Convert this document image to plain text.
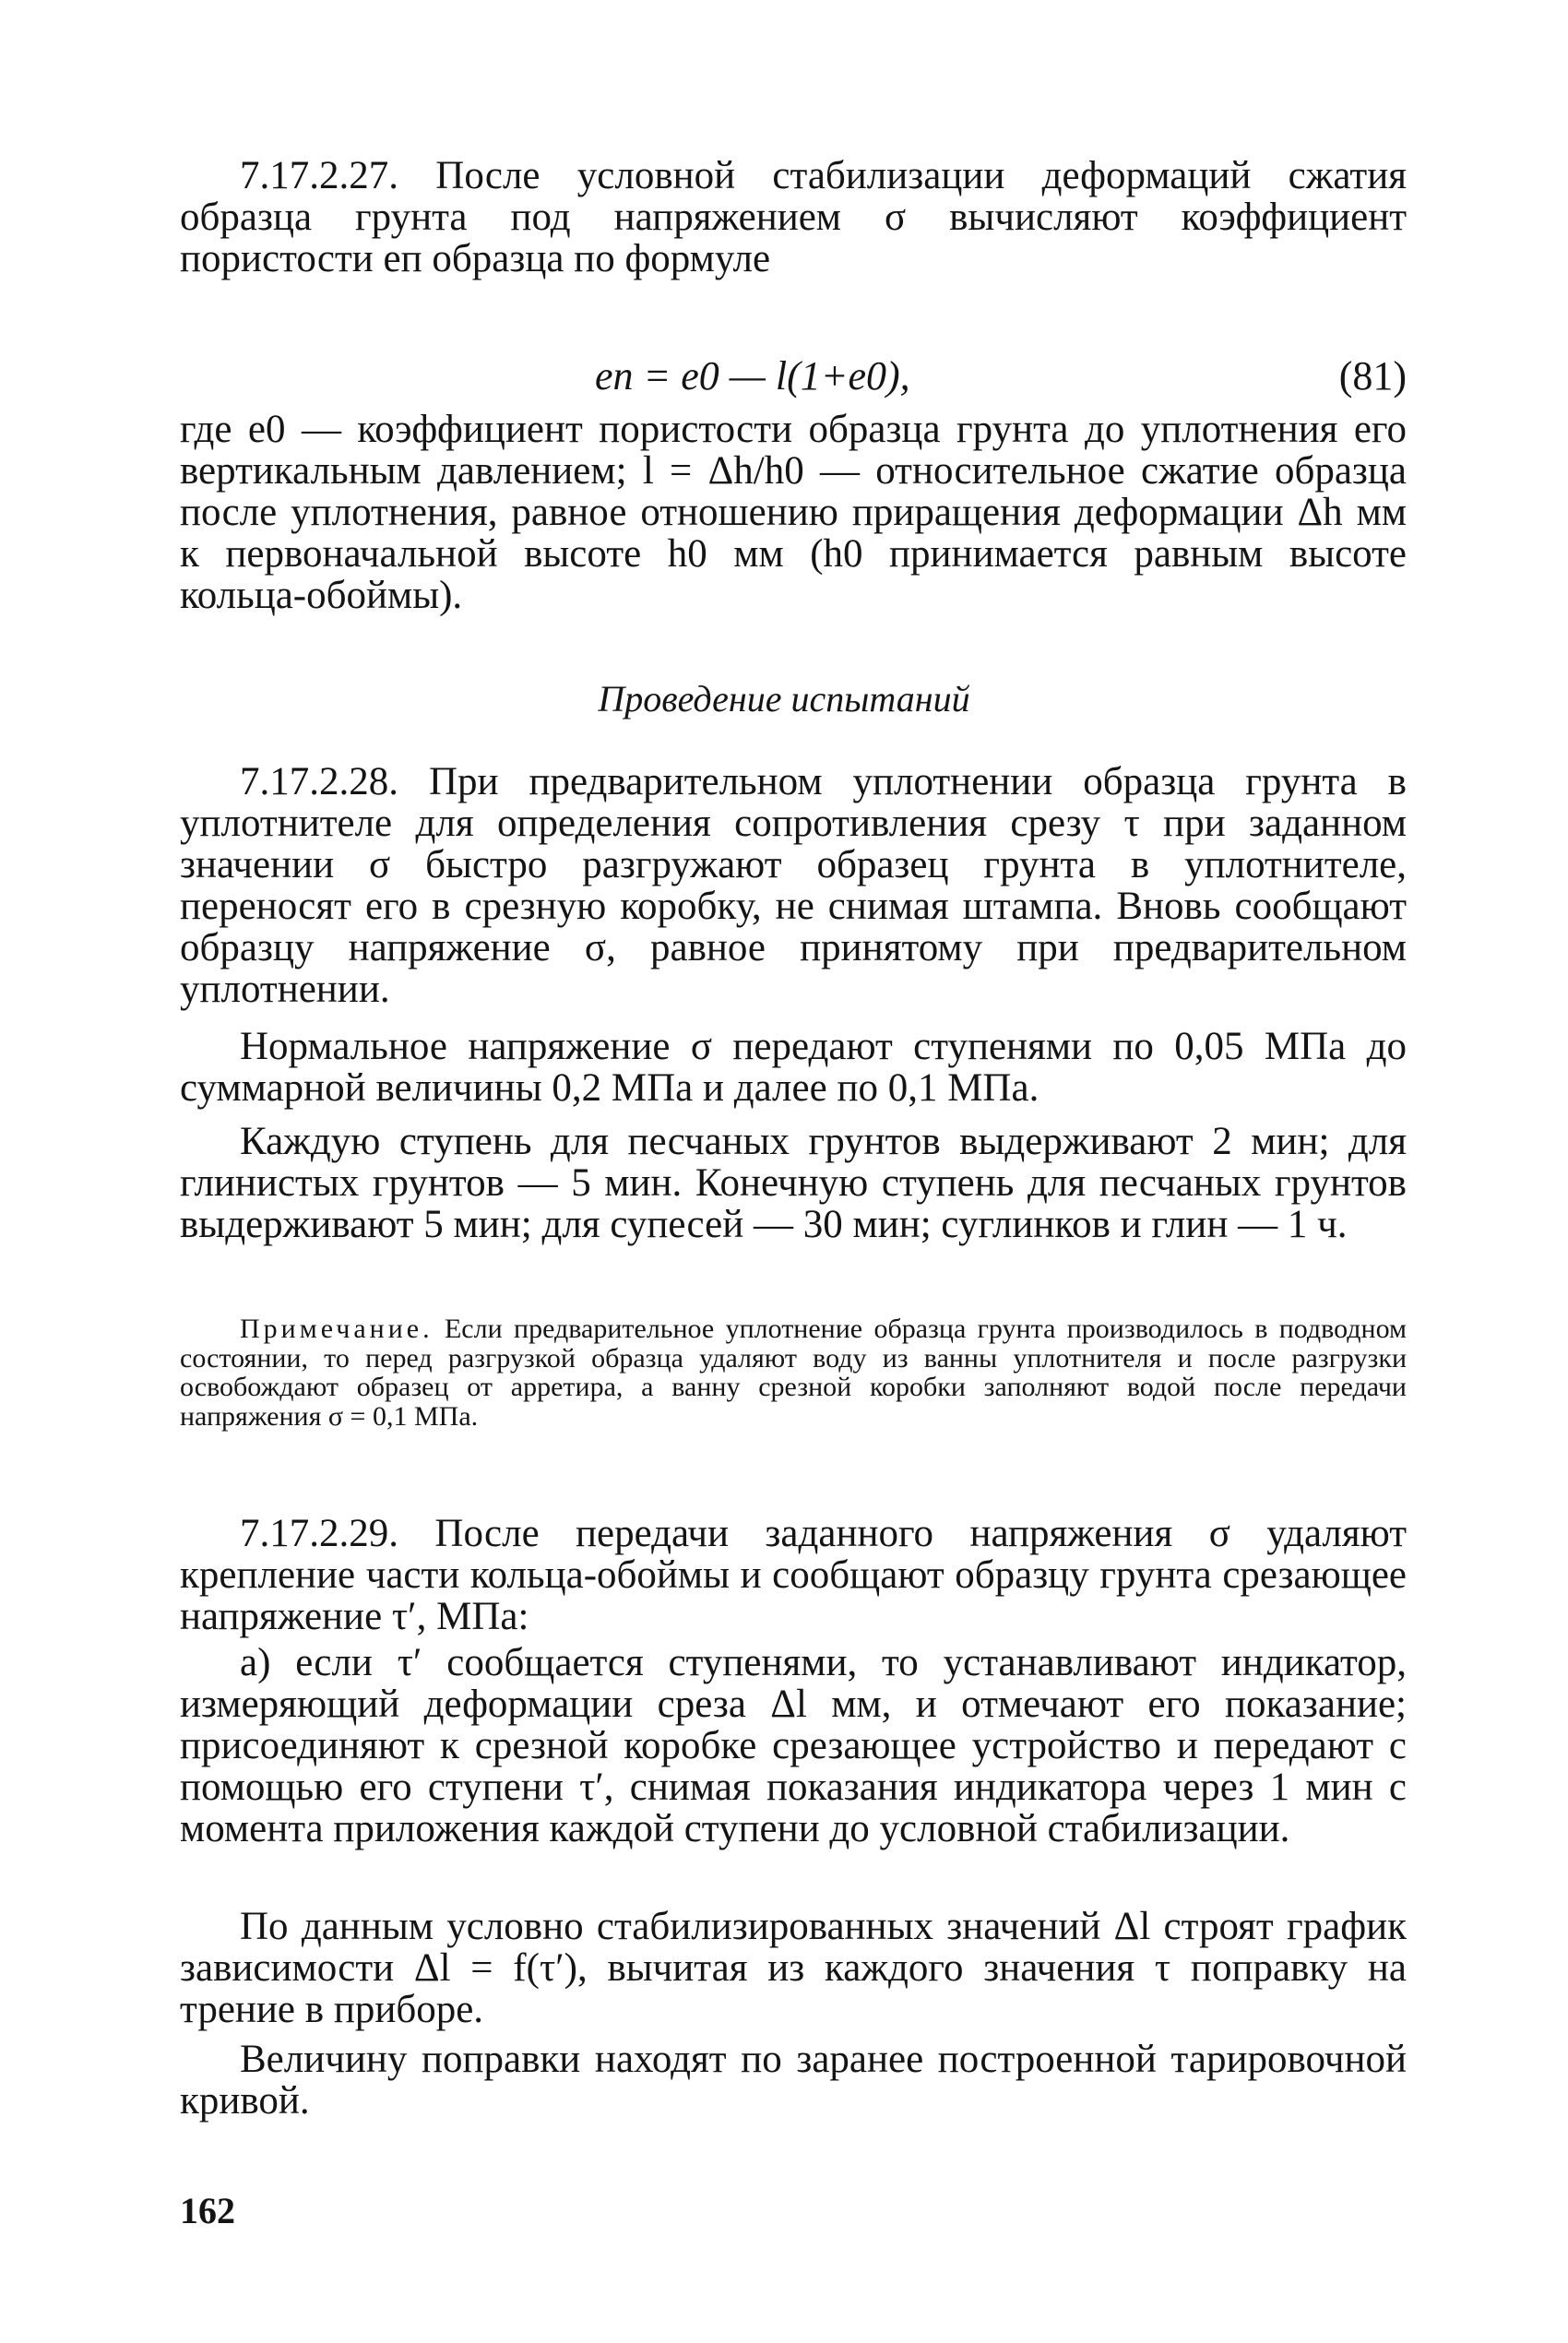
7.17.2.27. После условной стабилизации деформаций сжатия образца грунта под напряжением σ вычисляют коэффициент пористости eп образца по формуле

eп = e0 — l(1+e0),	(81)

где e0 — коэффициент пористости образца грунта до уплотнения его вертикальным давлением; l = Δh/h0 — относительное сжатие образца после уплотнения, равное отношению приращения деформации Δh мм к первоначальной высоте h0 мм (h0 принимается равным высоте кольца-обоймы).

Проведение испытаний

7.17.2.28. При предварительном уплотнении образца грунта в уплотнителе для определения сопротивления срезу τ при заданном значении σ быстро разгружают образец грунта в уплотнителе, переносят его в срезную коробку, не снимая штампа. Вновь сообщают образцу напряжение σ, равное принятому при предварительном уплотнении.

Нормальное напряжение σ передают ступенями по 0,05 МПа до суммарной величины 0,2 МПа и далее по 0,1 МПа.

Каждую ступень для песчаных грунтов выдерживают 2 мин; для глинистых грунтов — 5 мин. Конечную ступень для песчаных грунтов выдерживают 5 мин; для супесей — 30 мин; суглинков и глин — 1 ч.

Примечание. Если предварительное уплотнение образца грунта производилось в подводном состоянии, то перед разгрузкой образца удаляют воду из ванны уплотнителя и после разгрузки освобождают образец от арретира, а ванну срезной коробки заполняют водой после передачи напряжения σ = 0,1 МПа.

7.17.2.29. После передачи заданного напряжения σ удаляют крепление части кольца-обоймы и сообщают образцу грунта срезающее напряжение τ′, МПа:

а) если τ′ сообщается ступенями, то устанавливают индикатор, измеряющий деформации среза Δl мм, и отмечают его показание; присоединяют к срезной коробке срезающее устройство и передают с помощью его ступени τ′, снимая показания индикатора через 1 мин с момента приложения каждой ступени до условной стабилизации.

По данным условно стабилизированных значений Δl строят график зависимости Δl = f(τ′), вычитая из каждого значения τ поправку на трение в приборе.

Величину поправки находят по заранее построенной тарировочной кривой.

162
